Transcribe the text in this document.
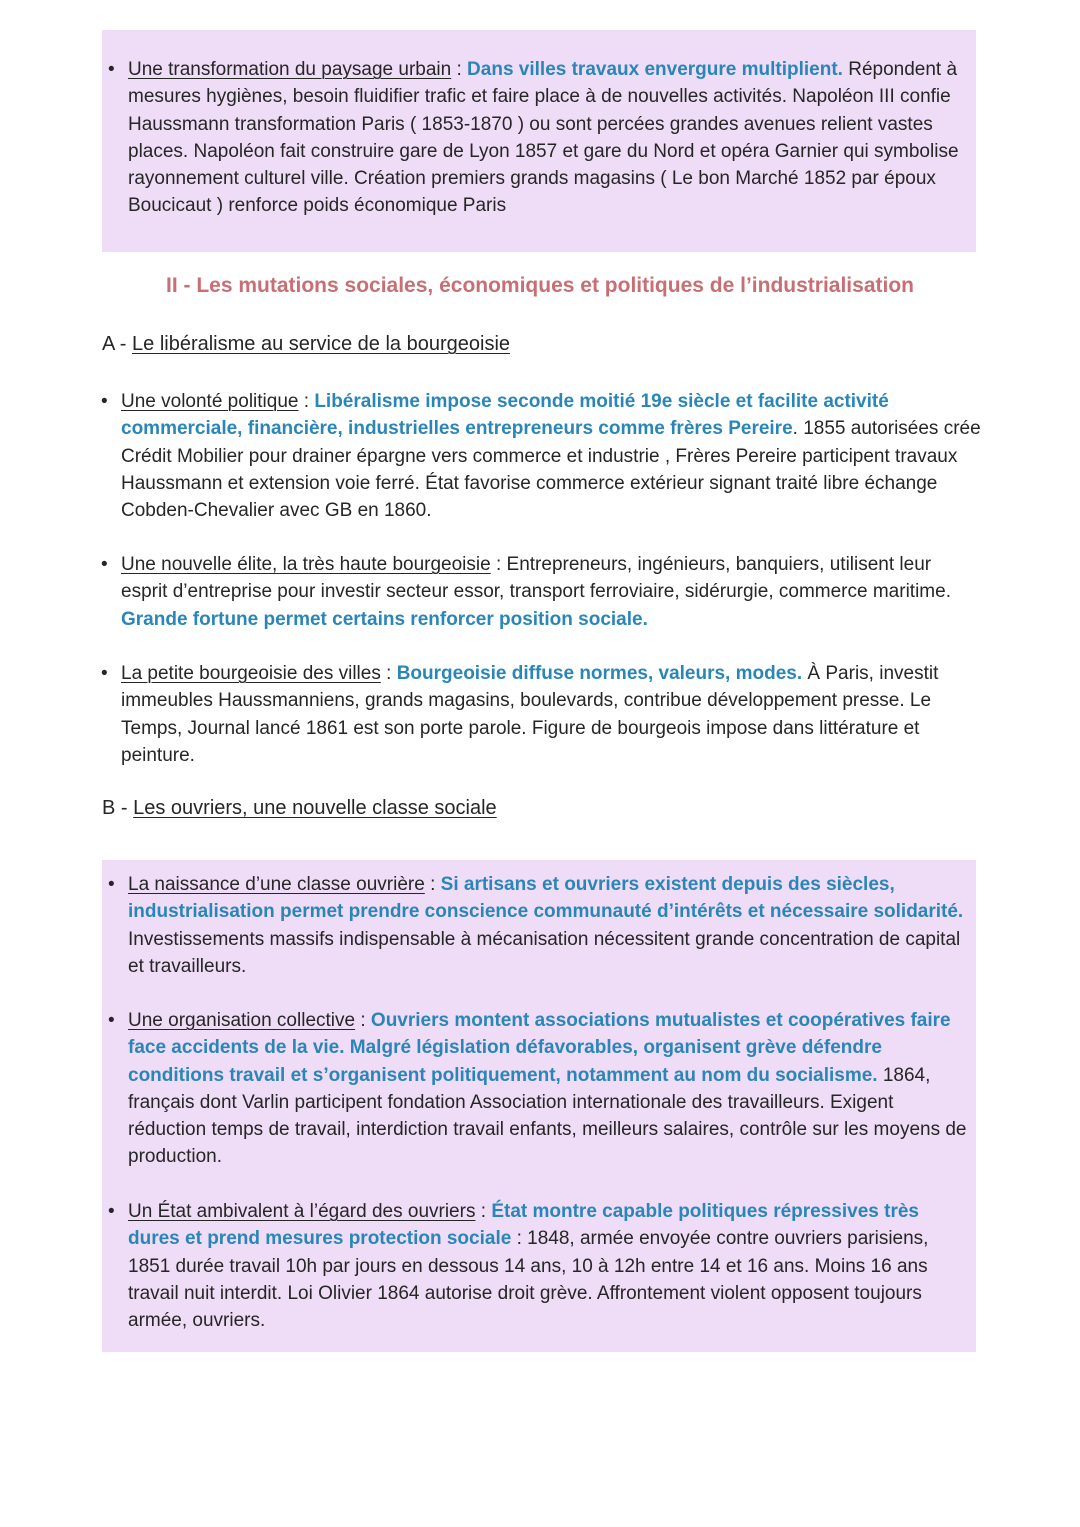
• Une transformation du paysage urbain : Dans villes travaux envergure multiplient. Répondent à mesures hygiènes, besoin fluidifier trafic et faire place à de nouvelles activités. Napoléon III confie Haussmann transformation Paris ( 1853-1870 ) ou sont percées grandes avenues relient vastes places. Napoléon fait construire gare de Lyon 1857 et gare du Nord et opéra Garnier qui symbolise rayonnement culturel ville. Création premiers grands magasins ( Le bon Marché 1852 par époux Boucicaut ) renforce poids économique Paris

II - Les mutations sociales, économiques et politiques de l’industrialisation

A - Le libéralisme au service de la bourgeoisie

• Une volonté politique : Libéralisme impose seconde moitié 19e siècle et facilite activité commerciale, financière, industrielles entrepreneurs comme frères Pereire. 1855 autorisées crée Crédit Mobilier pour drainer épargne vers commerce et industrie , Frères Pereire participent travaux Haussmann et extension voie ferré. État favorise commerce extérieur signant traité libre échange Cobden-Chevalier avec GB en 1860.

• Une nouvelle élite, la très haute bourgeoisie : Entrepreneurs, ingénieurs, banquiers, utilisent leur esprit d’entreprise pour investir secteur essor, transport ferroviaire, sidérurgie, commerce maritime. Grande fortune permet certains renforcer position sociale.

• La petite bourgeoisie des villes : Bourgeoisie diffuse normes, valeurs, modes. À Paris, investit immeubles Haussmanniens, grands magasins, boulevards, contribue développement presse. Le Temps, Journal lancé 1861 est son porte parole. Figure de bourgeois impose dans littérature et peinture.

B - Les ouvriers, une nouvelle classe sociale

• La naissance d’une classe ouvrière : Si artisans et ouvriers existent depuis des siècles, industrialisation permet prendre conscience communauté d’intérêts et nécessaire solidarité. Investissements massifs indispensable à mécanisation nécessitent grande concentration de capital et travailleurs.

• Une organisation collective : Ouvriers montent associations mutualistes et coopératives faire face accidents de la vie. Malgré législation défavorables, organisent grève défendre conditions travail et s’organisent politiquement, notamment au nom du socialisme. 1864, français dont Varlin participent fondation Association internationale des travailleurs. Exigent réduction temps de travail, interdiction travail enfants, meilleurs salaires, contrôle sur les moyens de production.

• Un État ambivalent à l’égard des ouvriers : État montre capable politiques répressives très dures et prend mesures protection sociale : 1848, armée envoyée contre ouvriers parisiens, 1851 durée travail 10h par jours en dessous 14 ans, 10 à 12h entre 14 et 16 ans. Moins 16 ans travail nuit interdit. Loi Olivier 1864 autorise droit grève. Affrontement violent opposent toujours armée, ouvriers.
